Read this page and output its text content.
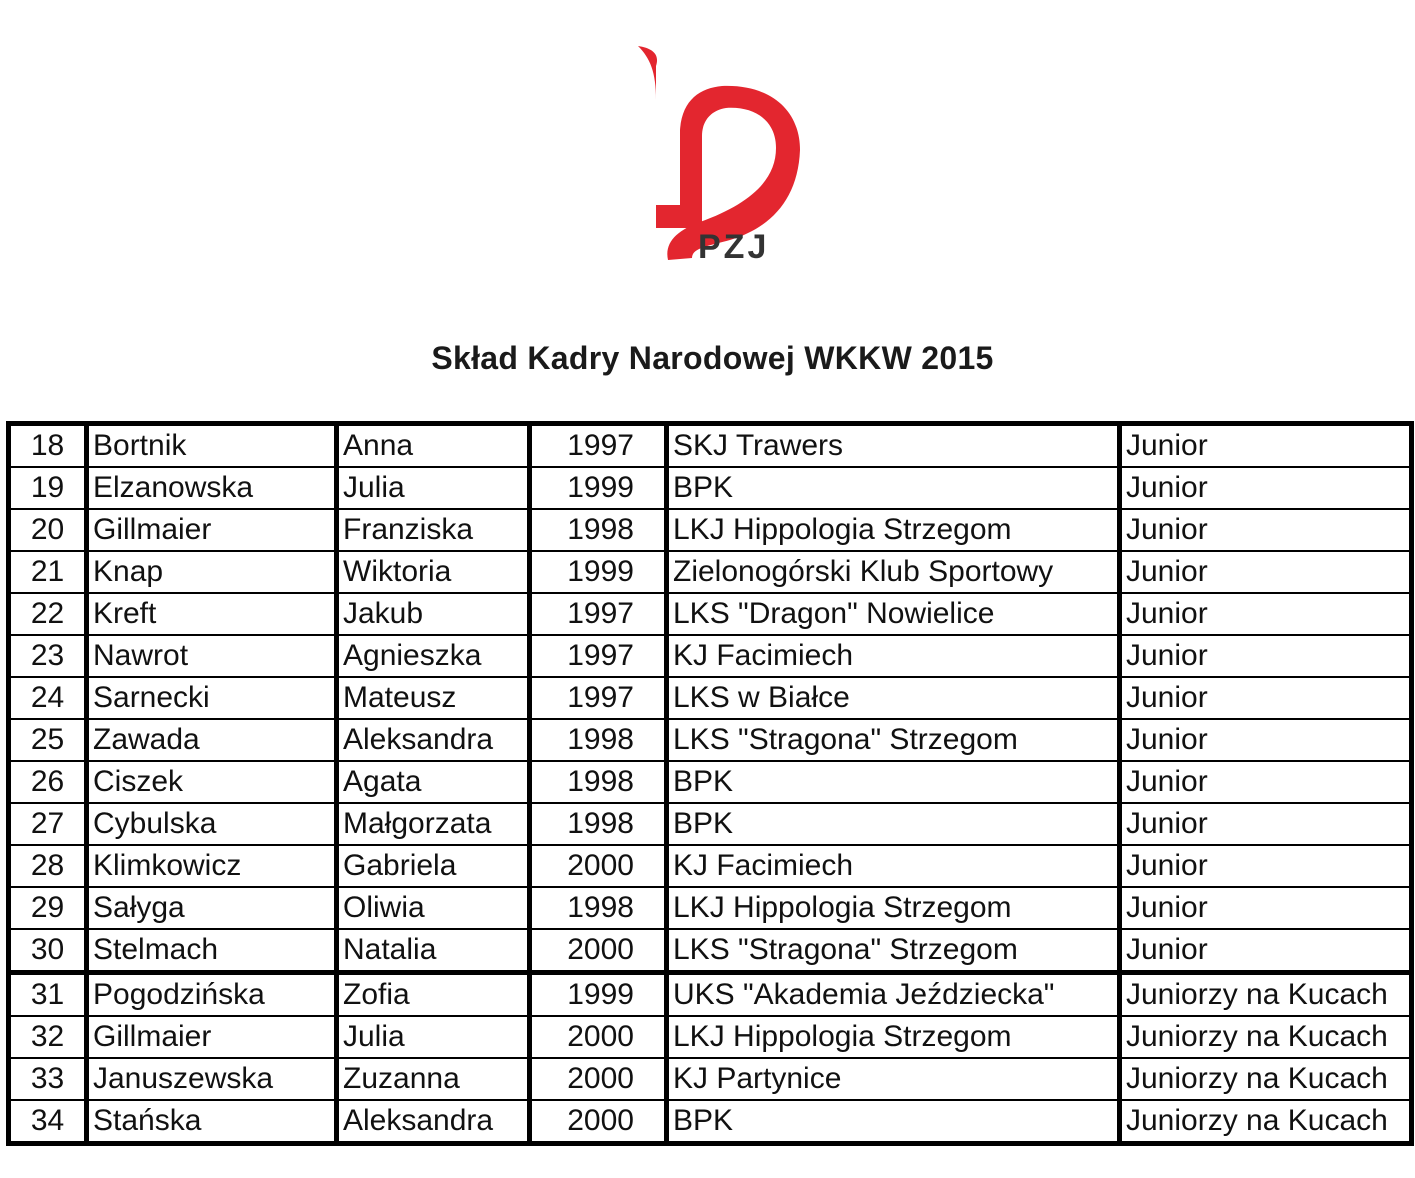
PZJ
Skład Kadry Narodowej WKKW 2015
18	Bortnik	Anna	1997	SKJ Trawers	Junior
19	Elzanowska	Julia	1999	BPK	Junior
20	Gillmaier	Franziska	1998	LKJ Hippologia Strzegom	Junior
21	Knap	Wiktoria	1999	Zielonogórski Klub Sportowy	Junior
22	Kreft	Jakub	1997	LKS "Dragon" Nowielice	Junior
23	Nawrot	Agnieszka	1997	KJ Facimiech	Junior
24	Sarnecki	Mateusz	1997	LKS w Białce	Junior
25	Zawada	Aleksandra	1998	LKS "Stragona" Strzegom	Junior
26	Ciszek	Agata	1998	BPK	Junior
27	Cybulska	Małgorzata	1998	BPK	Junior
28	Klimkowicz	Gabriela	2000	KJ Facimiech	Junior
29	Sałyga	Oliwia	1998	LKJ Hippologia Strzegom	Junior
30	Stelmach	Natalia	2000	LKS "Stragona" Strzegom	Junior
31	Pogodzińska	Zofia	1999	UKS "Akademia Jeździecka"	Juniorzy na Kucach
32	Gillmaier	Julia	2000	LKJ Hippologia Strzegom	Juniorzy na Kucach
33	Januszewska	Zuzanna	2000	KJ Partynice	Juniorzy na Kucach
34	Stańska	Aleksandra	2000	BPK	Juniorzy na Kucach
